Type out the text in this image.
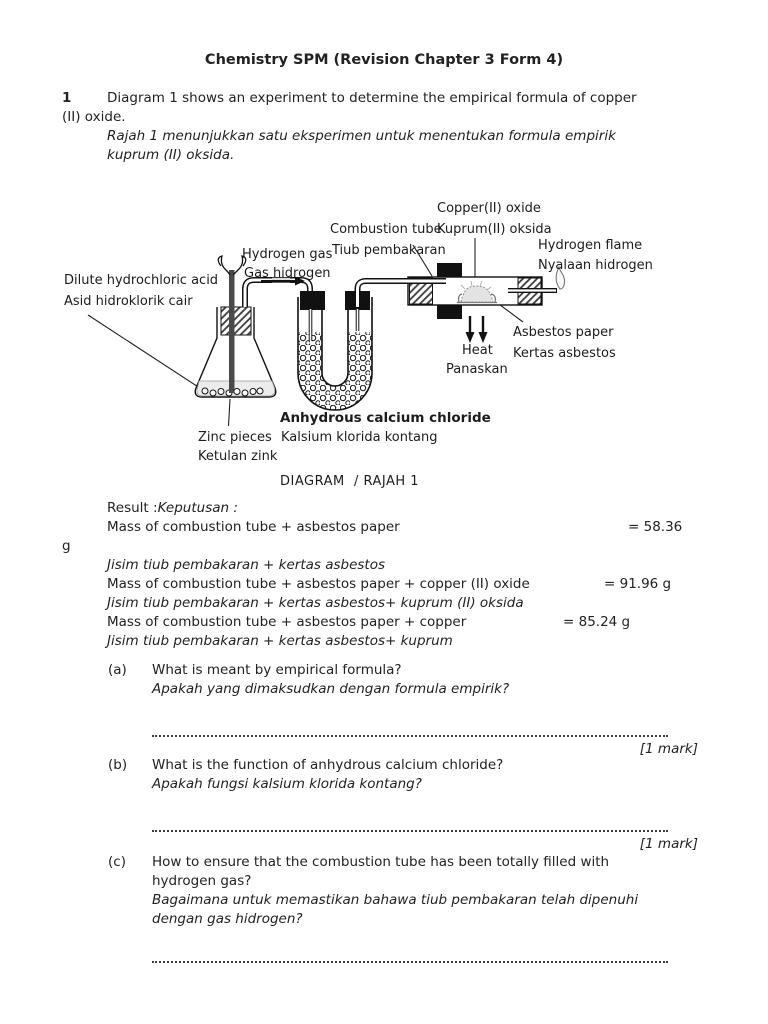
Chemistry SPM (Revision Chapter 3 Form 4)
1	Diagram 1 shows an experiment to determine the empirical formula of copper
(II) oxide.
Rajah 1 menunjukkan satu eksperimen untuk menentukan formula empirik
kuprum (II) oksida.
Copper(II) oxide
Combustion tube
Kuprum(II) oksida
Tiub pembakaran	Hydrogen flame
Nyalaan hidrogen
Hydrogen gas
Gas hidrogen
Dilute hydrochloric acid
Asid hidroklorik cair
Asbestos paper
Kertas asbestos
Heat
Panaskan
Anhydrous calcium chloride
Zinc pieces Kalsium klorida kontang
Ketulan zink
DIAGRAM  / RAJAH 1
Result :Keputusan :
Mass of combustion tube + asbestos paper	= 58.36
g
Jisim tiub pembakaran + kertas asbestos
Mass of combustion tube + asbestos paper + copper (II) oxide	= 91.96 g
Jisim tiub pembakaran + kertas asbestos+ kuprum (II) oksida
Mass of combustion tube + asbestos paper + copper	= 85.24 g
Jisim tiub pembakaran + kertas asbestos+ kuprum
(a) What is meant by empirical formula?
Apakah yang dimaksudkan dengan formula empirik?
[1 mark]
(b) What is the function of anhydrous calcium chloride?
Apakah fungsi kalsium klorida kontang?
[1 mark]
(c) How to ensure that the combustion tube has been totally filled with
hydrogen gas?
Bagaimana untuk memastikan bahawa tiub pembakaran telah dipenuhi
dengan gas hidrogen?
